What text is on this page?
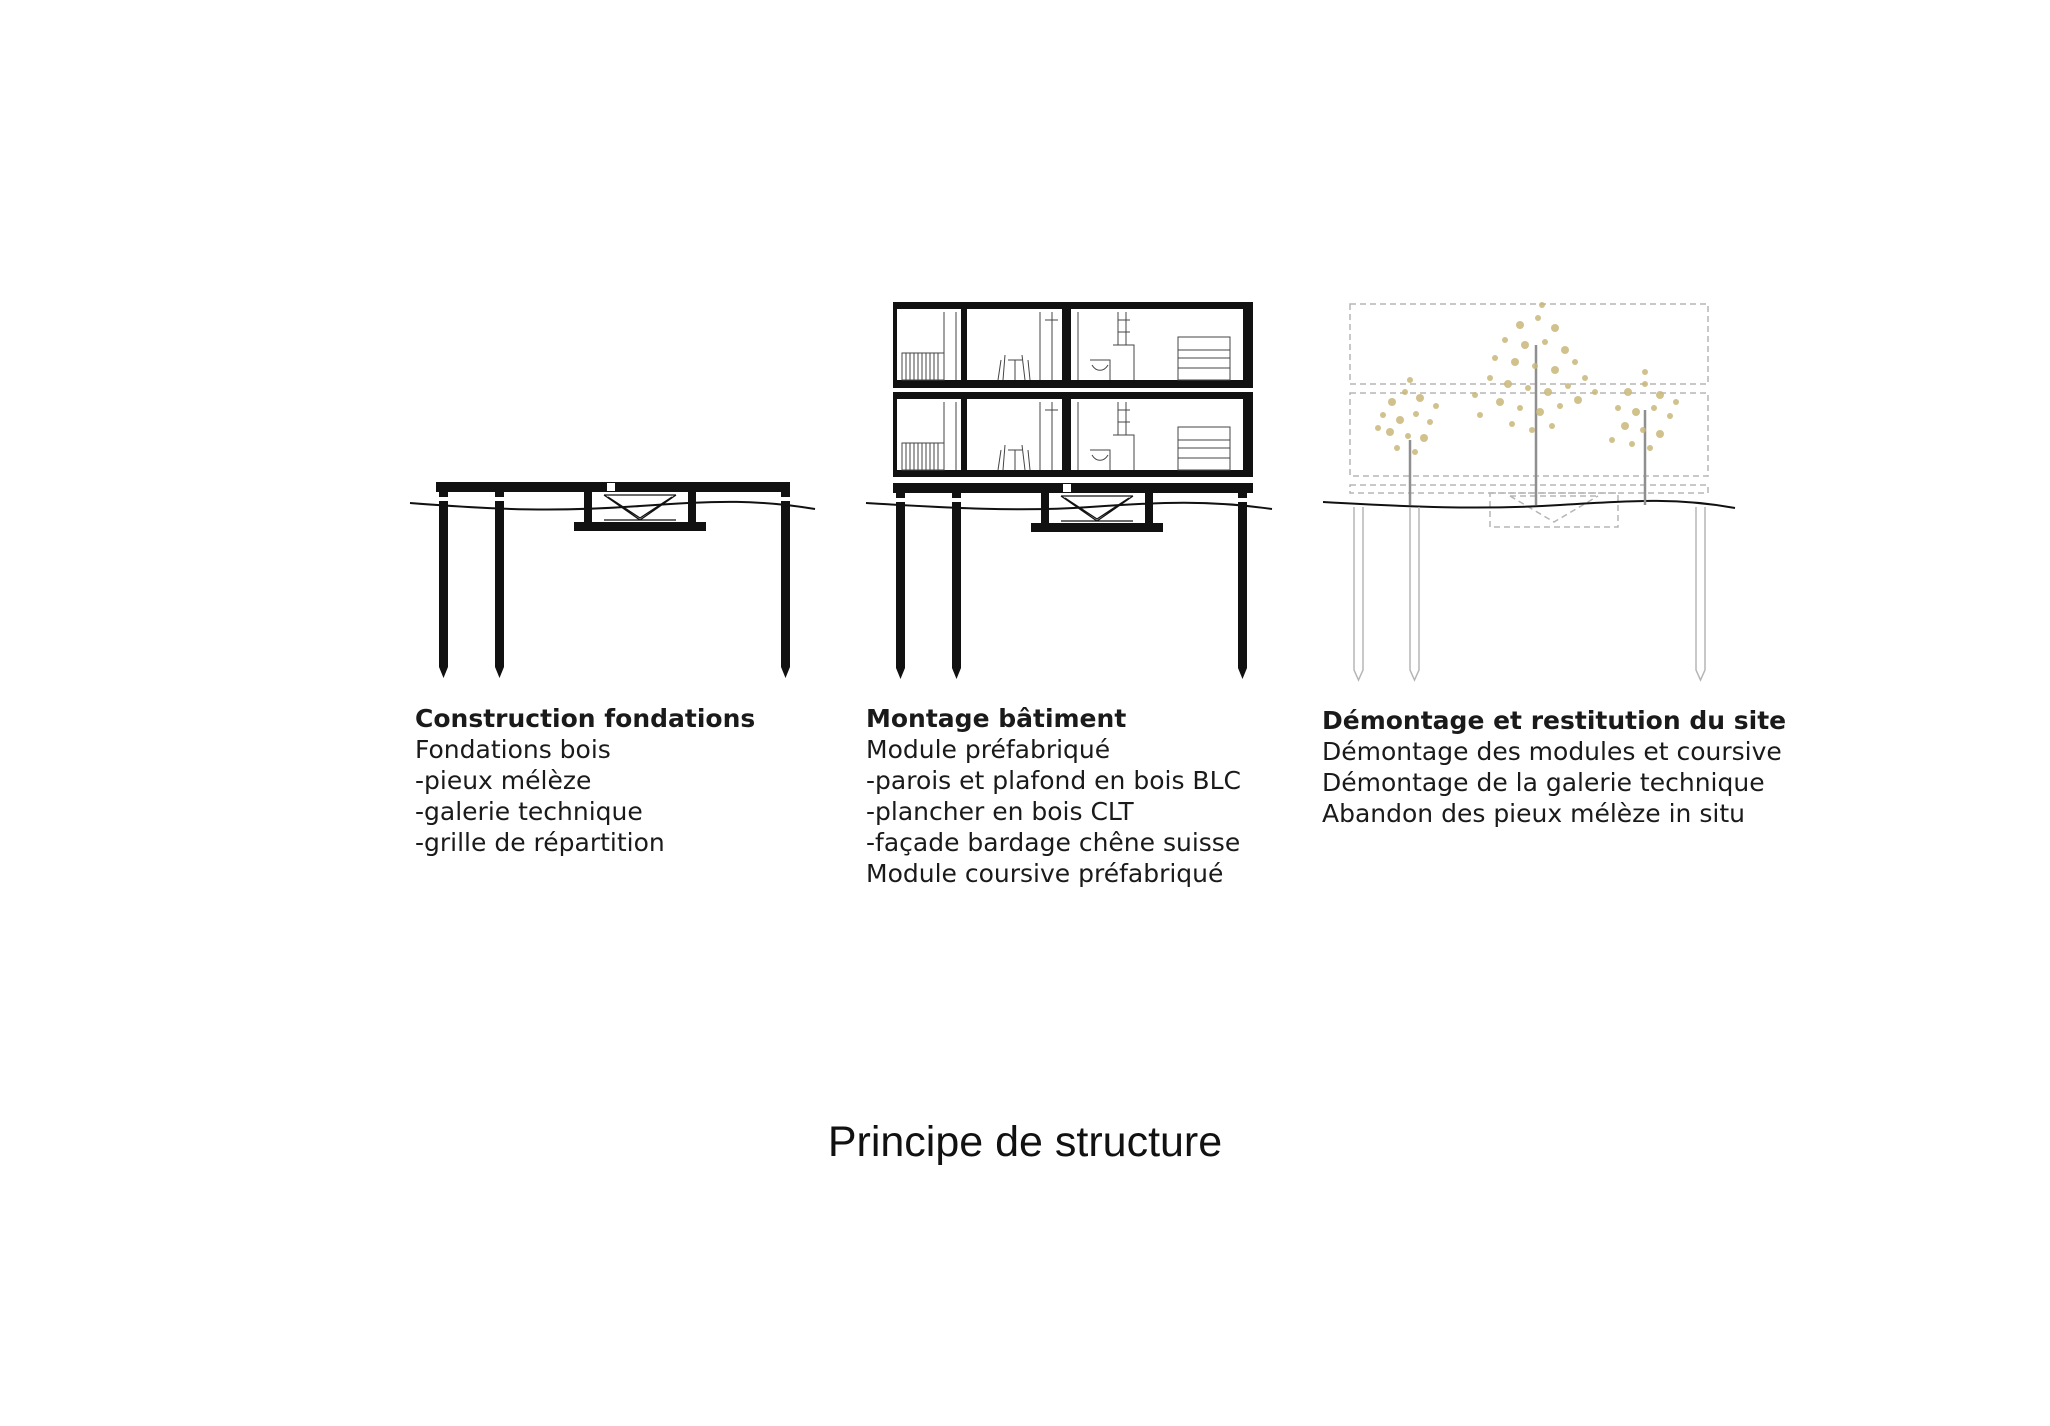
Construction fondations
Fondations bois
-pieux mélèze
-galerie technique
-grille de répartition
Montage bâtiment
Module préfabriqué
-parois et plafond en bois BLC
-plancher en bois CLT
-façade bardage chêne suisse
Module coursive préfabriqué
Démontage et restitution du site
Démontage des modules et coursive
Démontage de la galerie technique
Abandon des pieux mélèze in situ
Principe de structure
